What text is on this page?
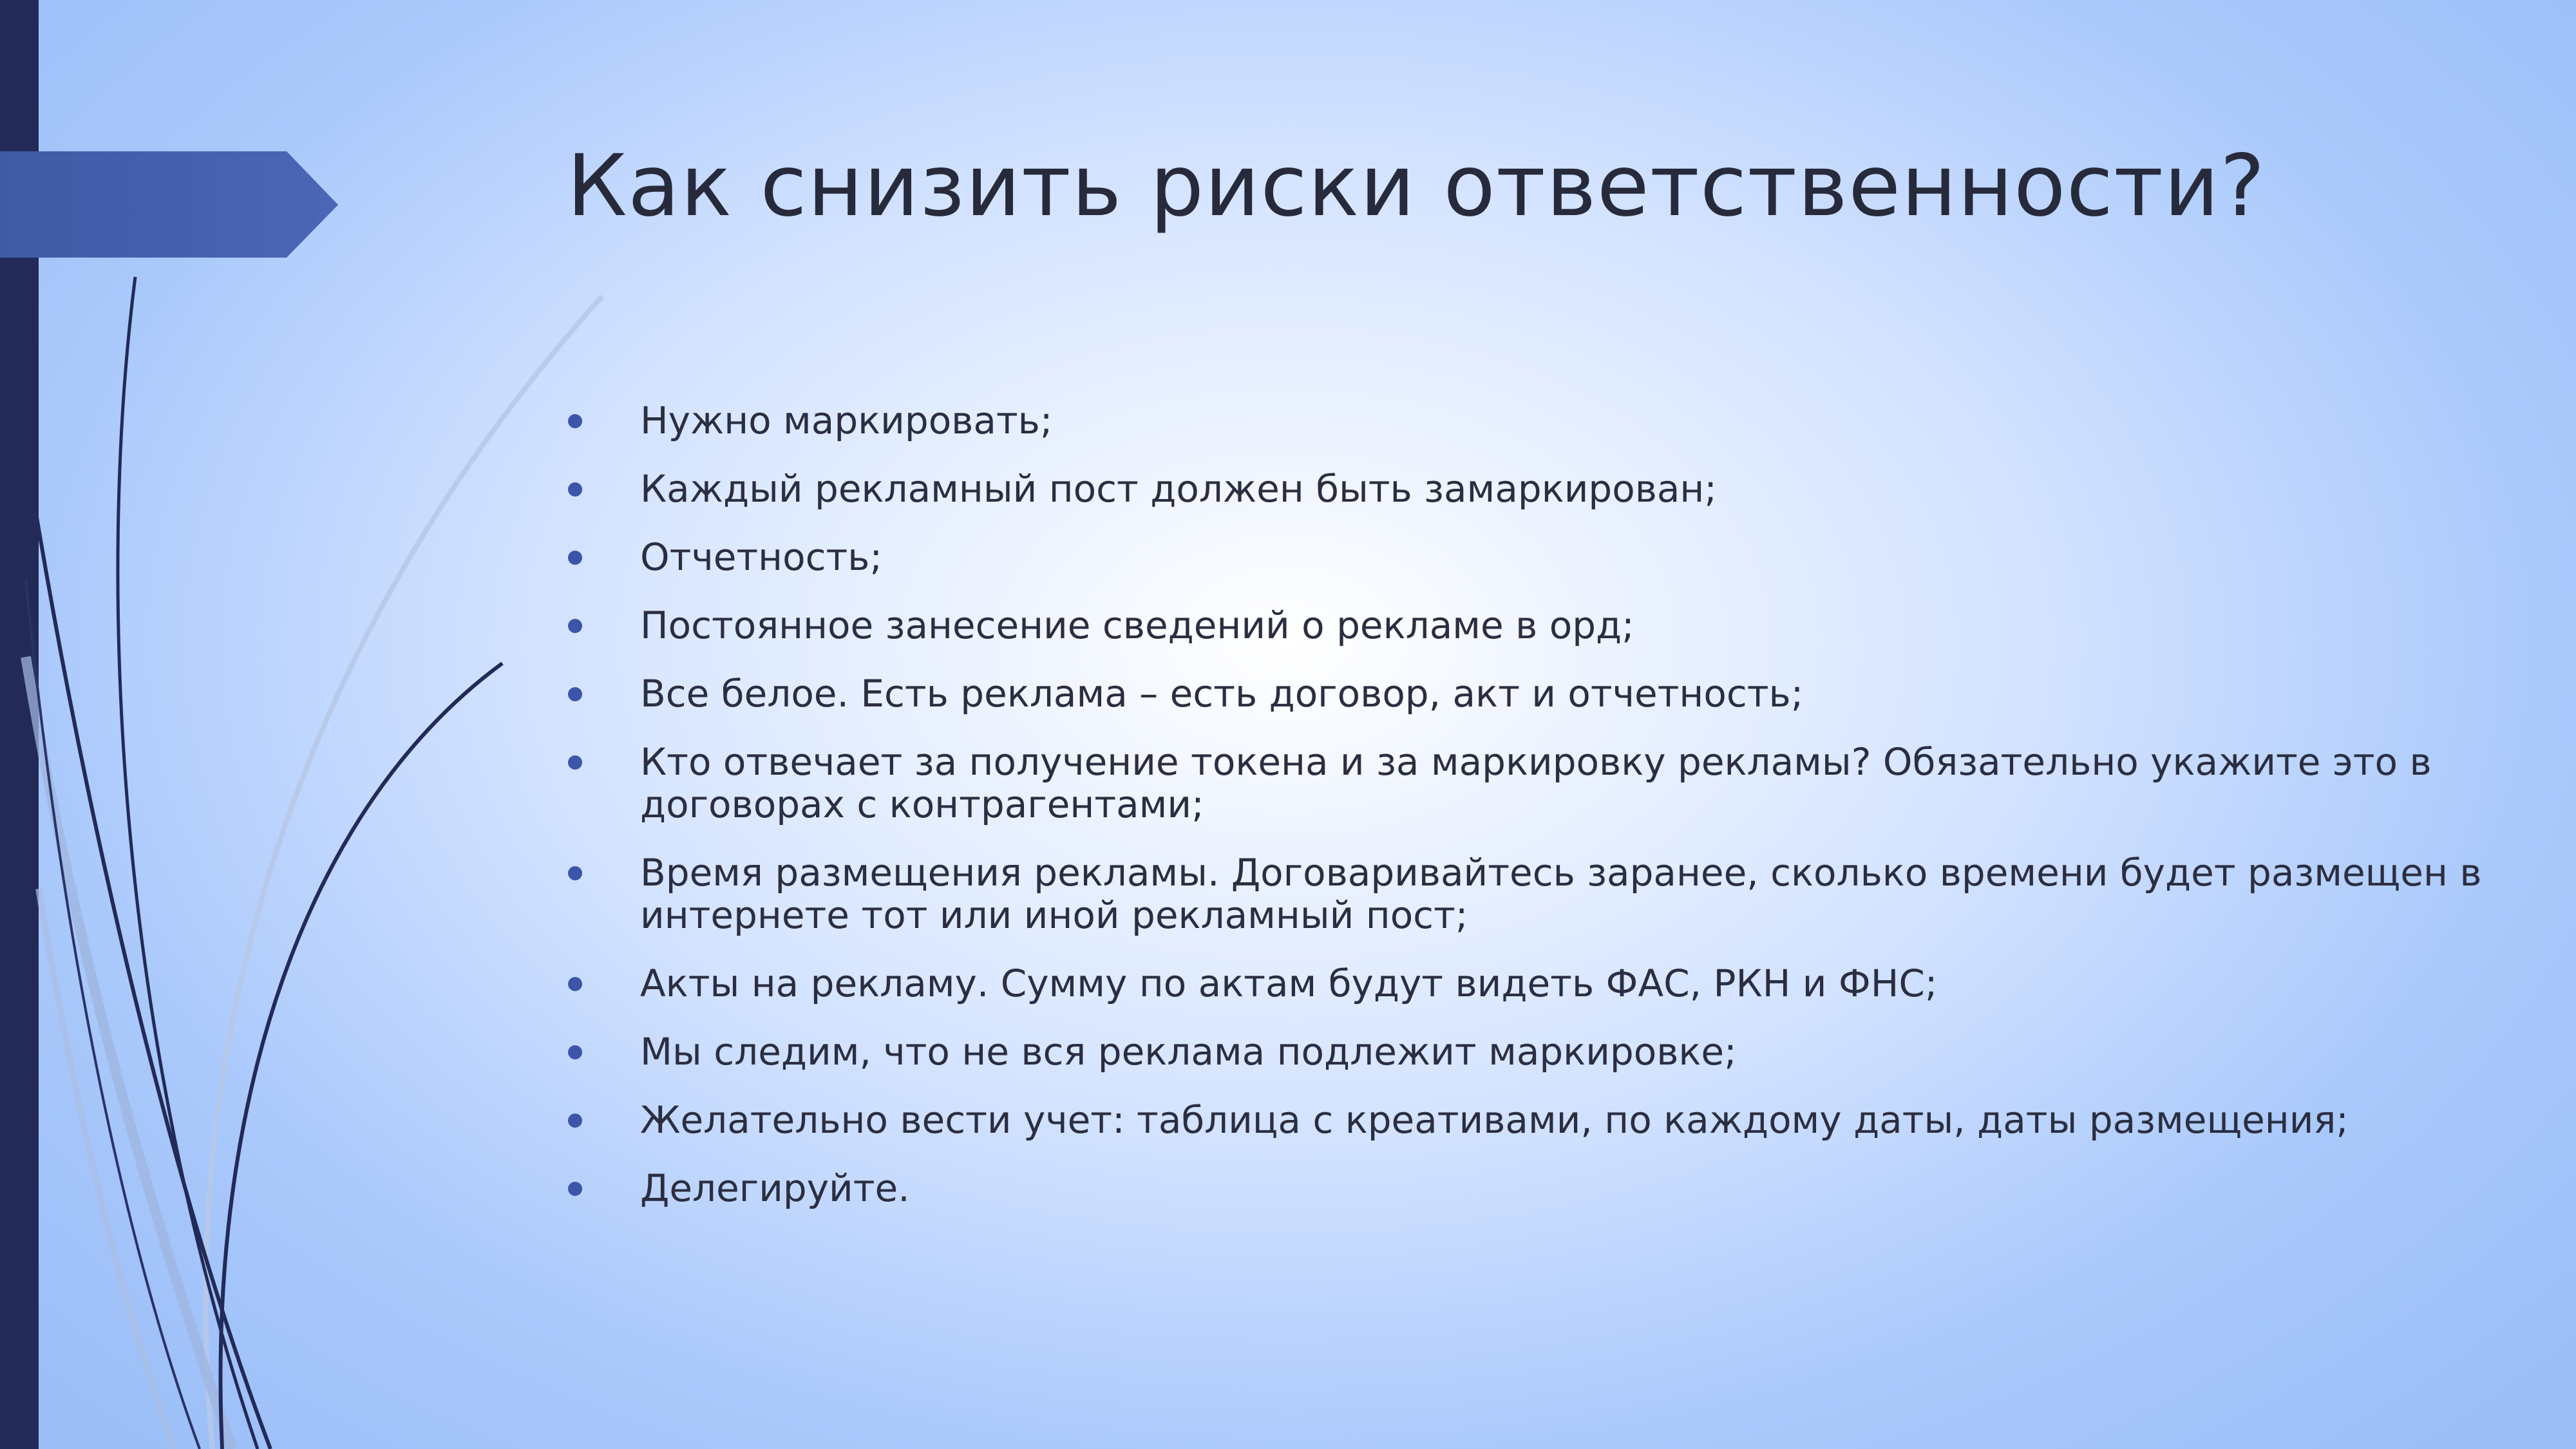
Как снизить риски ответственности?
Нужно маркировать;
Каждый рекламный пост должен быть замаркирован;
Отчетность;
Постоянное занесение сведений о рекламе в орд;
Все белое. Есть реклама – есть договор, акт и отчетность;
Кто отвечает за получение токена и за маркировку рекламы? Обязательно укажите это в договорах с контрагентами;
Время размещения рекламы. Договаривайтесь заранее, сколько времени будет размещен в интернете тот или иной рекламный пост;
Акты на рекламу. Сумму по актам будут видеть ФАС, РКН и ФНС;
Мы следим, что не вся реклама подлежит маркировке;
Желательно вести учет: таблица с креативами, по каждому даты, даты размещения;
Делегируйте.
